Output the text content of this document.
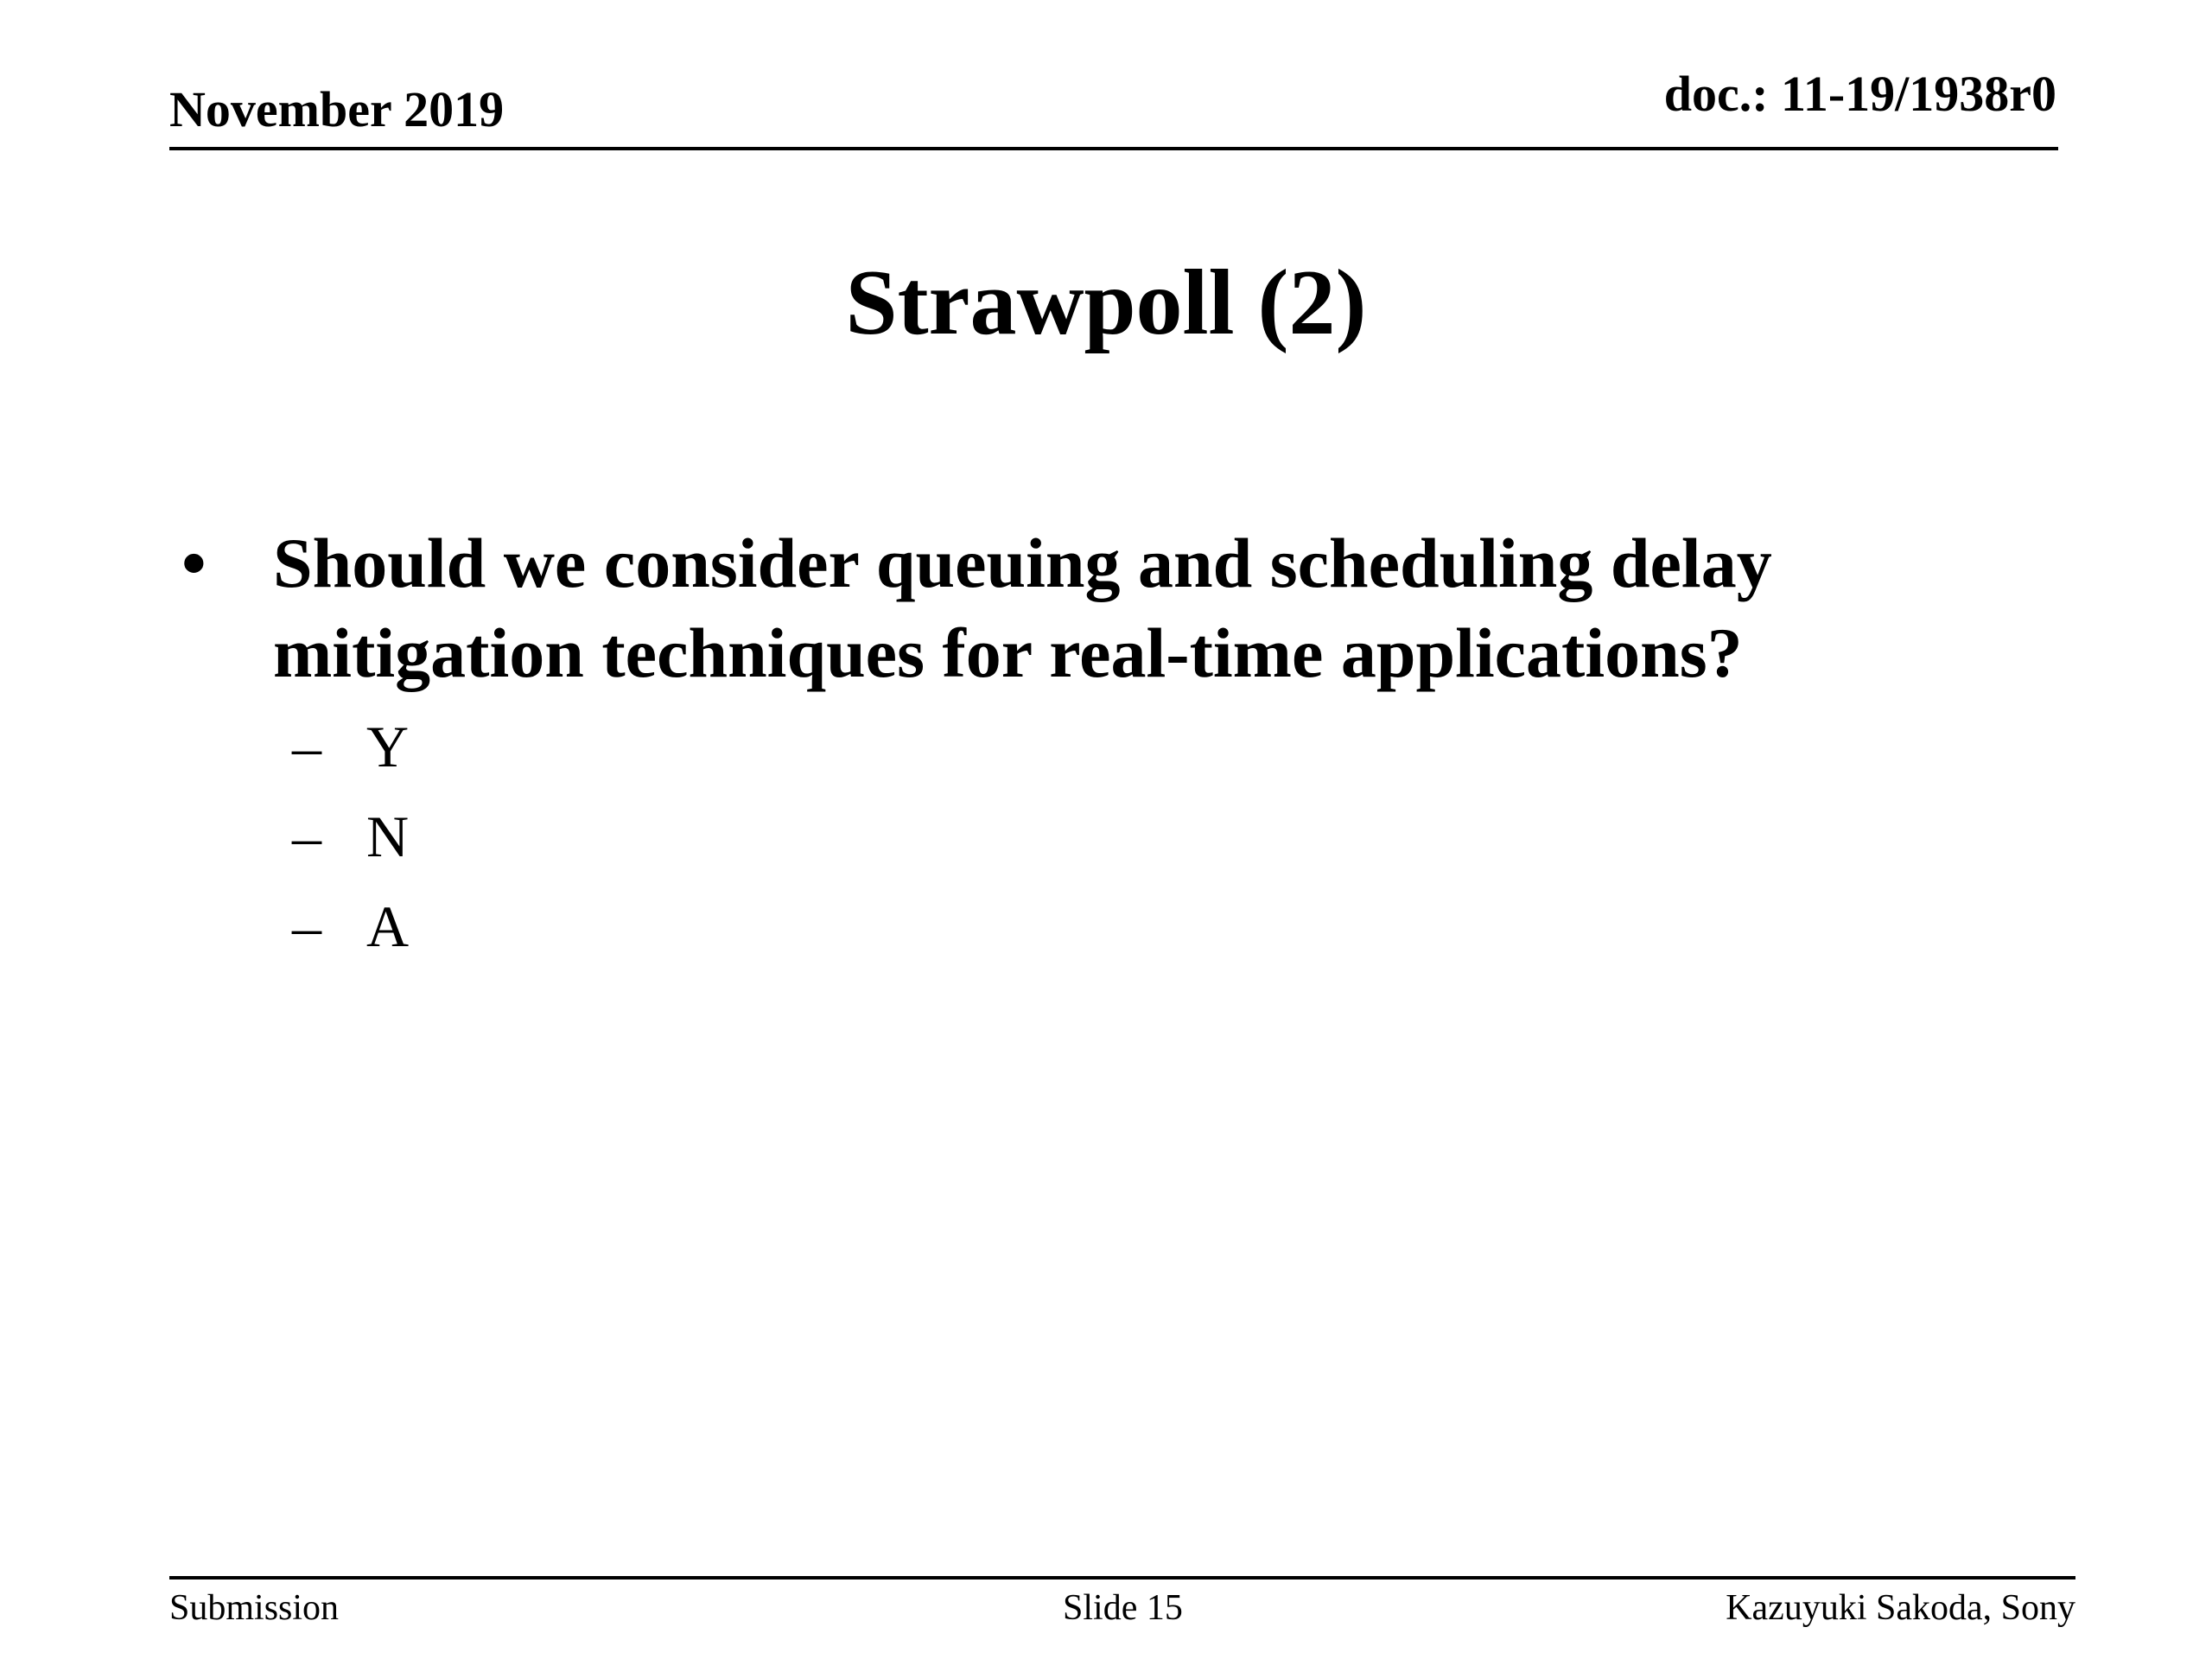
November 2019	doc.: 11-19/1938r0
Strawpoll (2)
• Should we consider queuing and scheduling delay mitigation techniques for real-time applications?
– Y
– N
– A
Submission	Slide 15	Kazuyuki Sakoda, Sony
